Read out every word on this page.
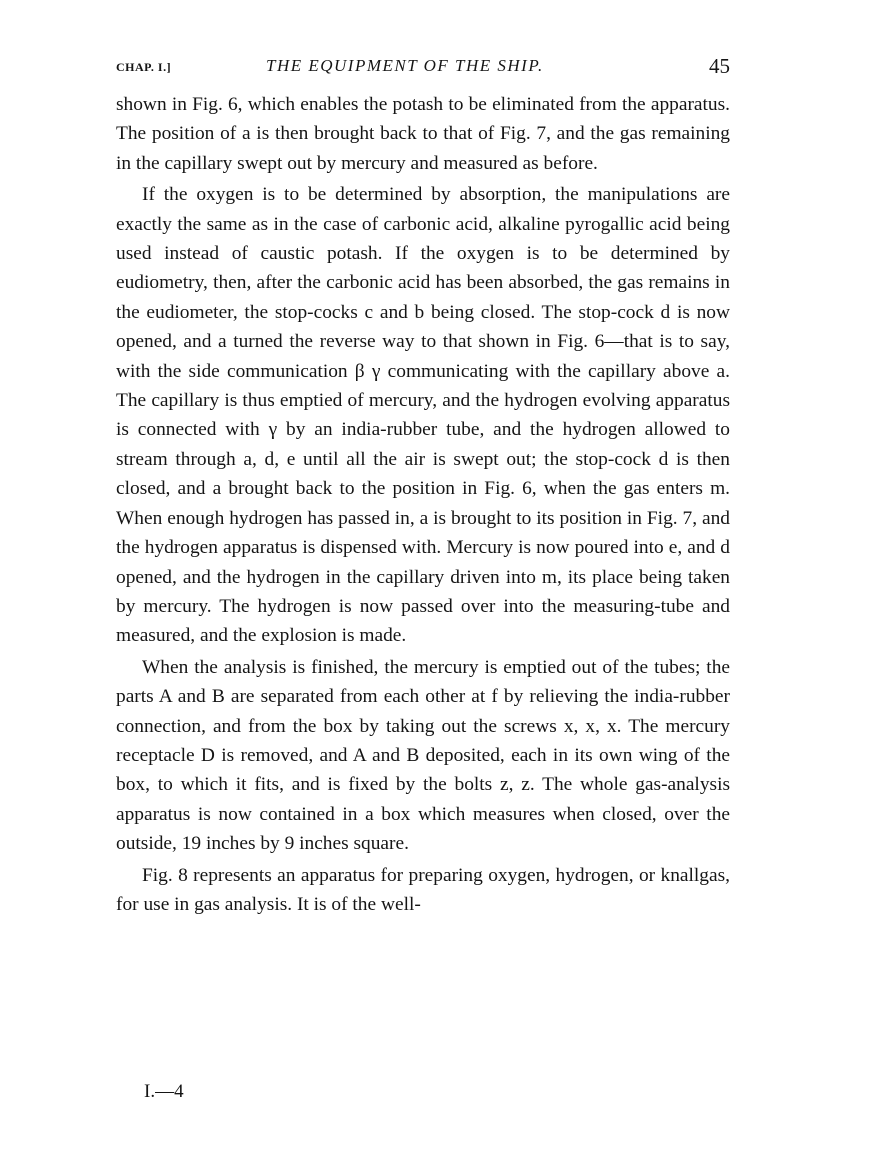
CHAP. I.]	THE EQUIPMENT OF THE SHIP.	45

shown in Fig. 6, which enables the potash to be eliminated from the apparatus. The position of a is then brought back to that of Fig. 7, and the gas remaining in the capillary swept out by mercury and measured as before.

If the oxygen is to be determined by absorption, the manipulations are exactly the same as in the case of carbonic acid, alkaline pyrogallic acid being used instead of caustic potash. If the oxygen is to be determined by eudiometry, then, after the carbonic acid has been absorbed, the gas remains in the eudiometer, the stop-cocks c and b being closed. The stop-cock d is now opened, and a turned the reverse way to that shown in Fig. 6—that is to say, with the side communication β γ communicating with the capillary above a. The capillary is thus emptied of mercury, and the hydrogen evolving apparatus is connected with γ by an india-rubber tube, and the hydrogen allowed to stream through a, d, e until all the air is swept out; the stop-cock d is then closed, and a brought back to the position in Fig. 6, when the gas enters m. When enough hydrogen has passed in, a is brought to its position in Fig. 7, and the hydrogen apparatus is dispensed with. Mercury is now poured into e, and d opened, and the hydrogen in the capillary driven into m, its place being taken by mercury. The hydrogen is now passed over into the measuring-tube and measured, and the explosion is made.

When the analysis is finished, the mercury is emptied out of the tubes; the parts A and B are separated from each other at f by relieving the india-rubber connection, and from the box by taking out the screws x, x, x. The mercury receptacle D is removed, and A and B deposited, each in its own wing of the box, to which it fits, and is fixed by the bolts z, z. The whole gas-analysis apparatus is now contained in a box which measures when closed, over the outside, 19 inches by 9 inches square.

Fig. 8 represents an apparatus for preparing oxygen, hydrogen, or knallgas, for use in gas analysis. It is of the well-

I.—4
